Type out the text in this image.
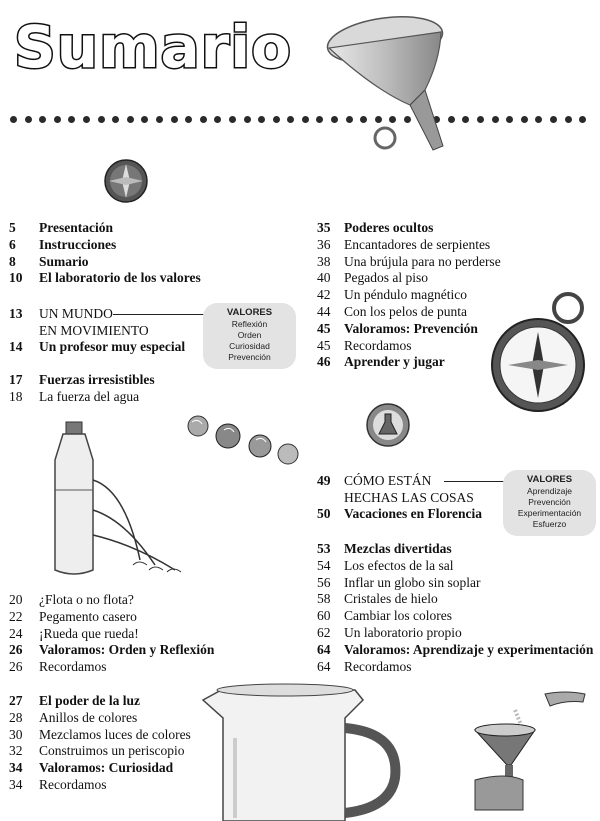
Sumario
5 Presentación
6 Instrucciones
8 Sumario
10 El laboratorio de los valores
13 UN MUNDO
EN MOVIMIENTO
14 Un profesor muy especial
VALORES
Reflexión
Orden
Curiosidad
Prevención
17 Fuerzas irresistibles
18 La fuerza del agua
20 ¿Flota o no flota?
22 Pegamento casero
24 ¡Rueda que rueda!
26 Valoramos: Orden y Reflexión
26 Recordamos
27 El poder de la luz
28 Anillos de colores
30 Mezclamos luces de colores
32 Construimos un periscopio
34 Valoramos: Curiosidad
34 Recordamos
35 Poderes ocultos
36 Encantadores de serpientes
38 Una brújula para no perderse
40 Pegados al piso
42 Un péndulo magnético
44 Con los pelos de punta
45 Valoramos: Prevención
45 Recordamos
46 Aprender y jugar
49 CÓMO ESTÁN
HECHAS LAS COSAS
50 Vacaciones en Florencia
VALORES
Aprendizaje
Prevención
Experimentación
Esfuerzo
53 Mezclas divertidas
54 Los efectos de la sal
56 Inflar un globo sin soplar
58 Cristales de hielo
60 Cambiar los colores
62 Un laboratorio propio
64 Valoramos: Aprendizaje y experimentación
64 Recordamos
